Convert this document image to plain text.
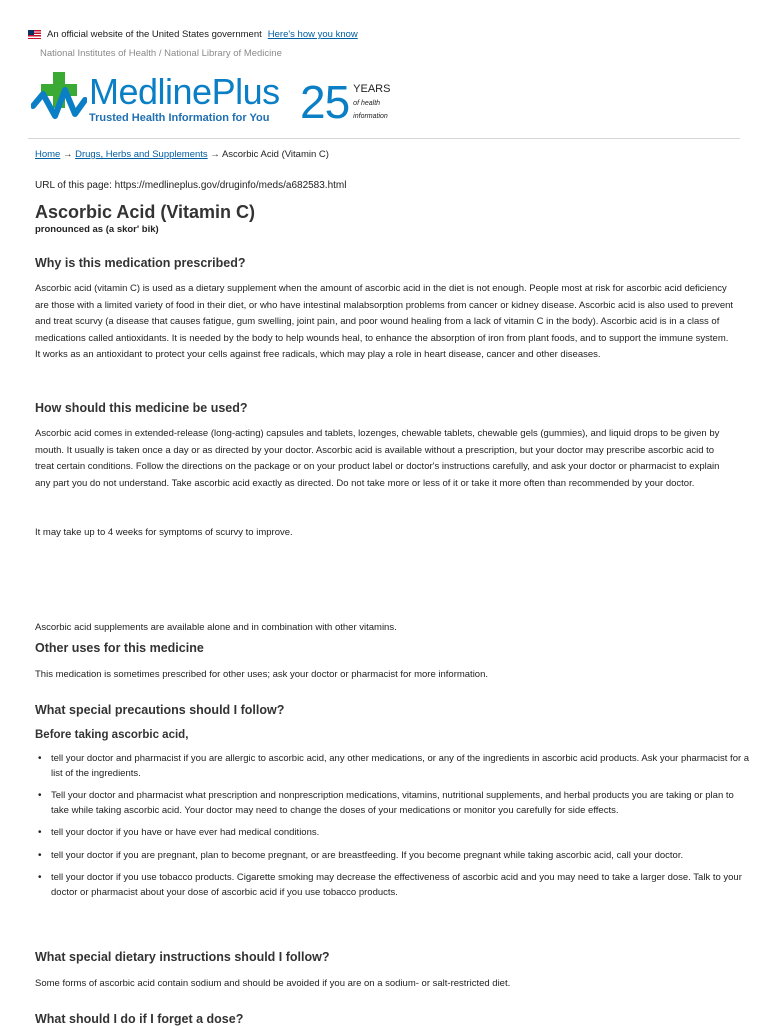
An official website of the United States government Here's how you know
National Institutes of Health / National Library of Medicine
MedlinePlus
Trusted Health Information for You 25 YEARS
of health
information
Home → Drugs, Herbs and Supplements → Ascorbic Acid (Vitamin C)
URL of this page: https://medlineplus.gov/druginfo/meds/a682583.html
Ascorbic Acid (Vitamin C)
pronounced as (a skor' bik)
Why is this medication prescribed?

Ascorbic acid (vitamin C) is used as a dietary supplement when the amount of ascorbic acid in the diet is not enough. People most at risk for ascorbic acid deficiency are those with a limited variety of food in their diet, or who have intestinal malabsorption problems from cancer or kidney disease. Ascorbic acid is also used to prevent and treat scurvy (a disease that causes fatigue, gum swelling, joint pain, and poor wound healing from a lack of vitamin C in the body). Ascorbic acid is in a class of medications called antioxidants. It is needed by the body to help wounds heal, to enhance the absorption of iron from plant foods, and to support the immune system. It works as an antioxidant to protect your cells against free radicals, which may play a role in heart disease, cancer and other diseases.

How should this medicine be used?

Ascorbic acid comes in extended-release (long-acting) capsules and tablets, lozenges, chewable tablets, chewable gels (gummies), and liquid drops to be given by mouth. It usually is taken once a day or as directed by your doctor. Ascorbic acid is available without a prescription, but your doctor may prescribe ascorbic acid to treat certain conditions. Follow the directions on the package or on your product label or doctor's instructions carefully, and ask your doctor or pharmacist to explain any part you do not understand. Take ascorbic acid exactly as directed. Do not take more or less of it or take it more often than recommended by your doctor.

It may take up to 4 weeks for symptoms of scurvy to improve.

Ascorbic acid supplements are available alone and in combination with other vitamins.

Other uses for this medicine

This medication is sometimes prescribed for other uses; ask your doctor or pharmacist for more information.

What special precautions should I follow?
Before taking ascorbic acid,
• tell your doctor and pharmacist if you are allergic to ascorbic acid, any other medications, or any of the ingredients in ascorbic acid products. Ask your pharmacist for a list of the ingredients.
• Tell your doctor and pharmacist what prescription and nonprescription medications, vitamins, nutritional supplements, and herbal products you are taking or plan to take while taking ascorbic acid. Your doctor may need to change the doses of your medications or monitor you carefully for side effects.
• tell your doctor if you have or have ever had medical conditions.
• tell your doctor if you are pregnant, plan to become pregnant, or are breastfeeding. If you become pregnant while taking ascorbic acid, call your doctor.
• tell your doctor if you use tobacco products. Cigarette smoking may decrease the effectiveness of ascorbic acid and you may need to take a larger dose. Talk to your doctor or pharmacist about your dose of ascorbic acid if you use tobacco products.
What special dietary instructions should I follow?

Some forms of ascorbic acid contain sodium and should be avoided if you are on a sodium- or salt-restricted diet.

What should I do if I forget a dose?
